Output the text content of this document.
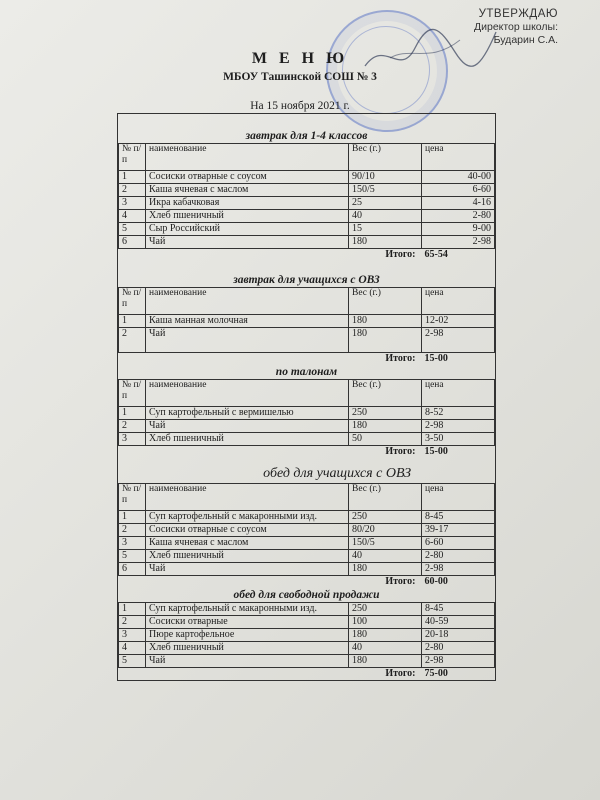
УТВЕРЖДАЮ
Директор школы:
Бударин С.А.
М Е Н Ю
МБОУ Ташинской СОШ № 3
На 15 ноября 2021 г.
завтрак для 1-4 классов
№ п/п	наименование	Вес (г.)	цена
1	Сосиски отварные с соусом	90/10	40-00
2	Каша ячневая с маслом	150/5	6-60
3	Икра кабачковая	25	4-16
4	Хлеб пшеничный	40	2-80
5	Сыр Российский	15	9-00
6	Чай	180	2-98
Итого:			65-54
завтрак для учащихся с ОВЗ
№ п/п	наименование	Вес (г.)	цена
1	Каша манная молочная	180	12-02
2	Чай	180	2-98
Итого:			15-00
по талонам
№ п/п	наименование	Вес (г.)	цена
1	Суп картофельный с вермишелью	250	8-52
2	Чай	180	2-98
3	Хлеб пшеничный	50	3-50
Итого:			15-00
обед для учащихся с ОВЗ
№ п/п	наименование	Вес (г.)	цена
1	Суп картофельный с макаронными изд.	250	8-45
2	Сосиски отварные с соусом	80/20	39-17
3	Каша ячневая с маслом	150/5	6-60
5	Хлеб пшеничный	40	2-80
6	Чай	180	2-98
Итого:			60-00
обед для свободной продажи
1	Суп картофельный с макаронными изд.	250	8-45
2	Сосиски отварные	100	40-59
3	Пюре картофельное	180	20-18
4	Хлеб пшеничный	40	2-80
5	Чай	180	2-98
Итого:			75-00
